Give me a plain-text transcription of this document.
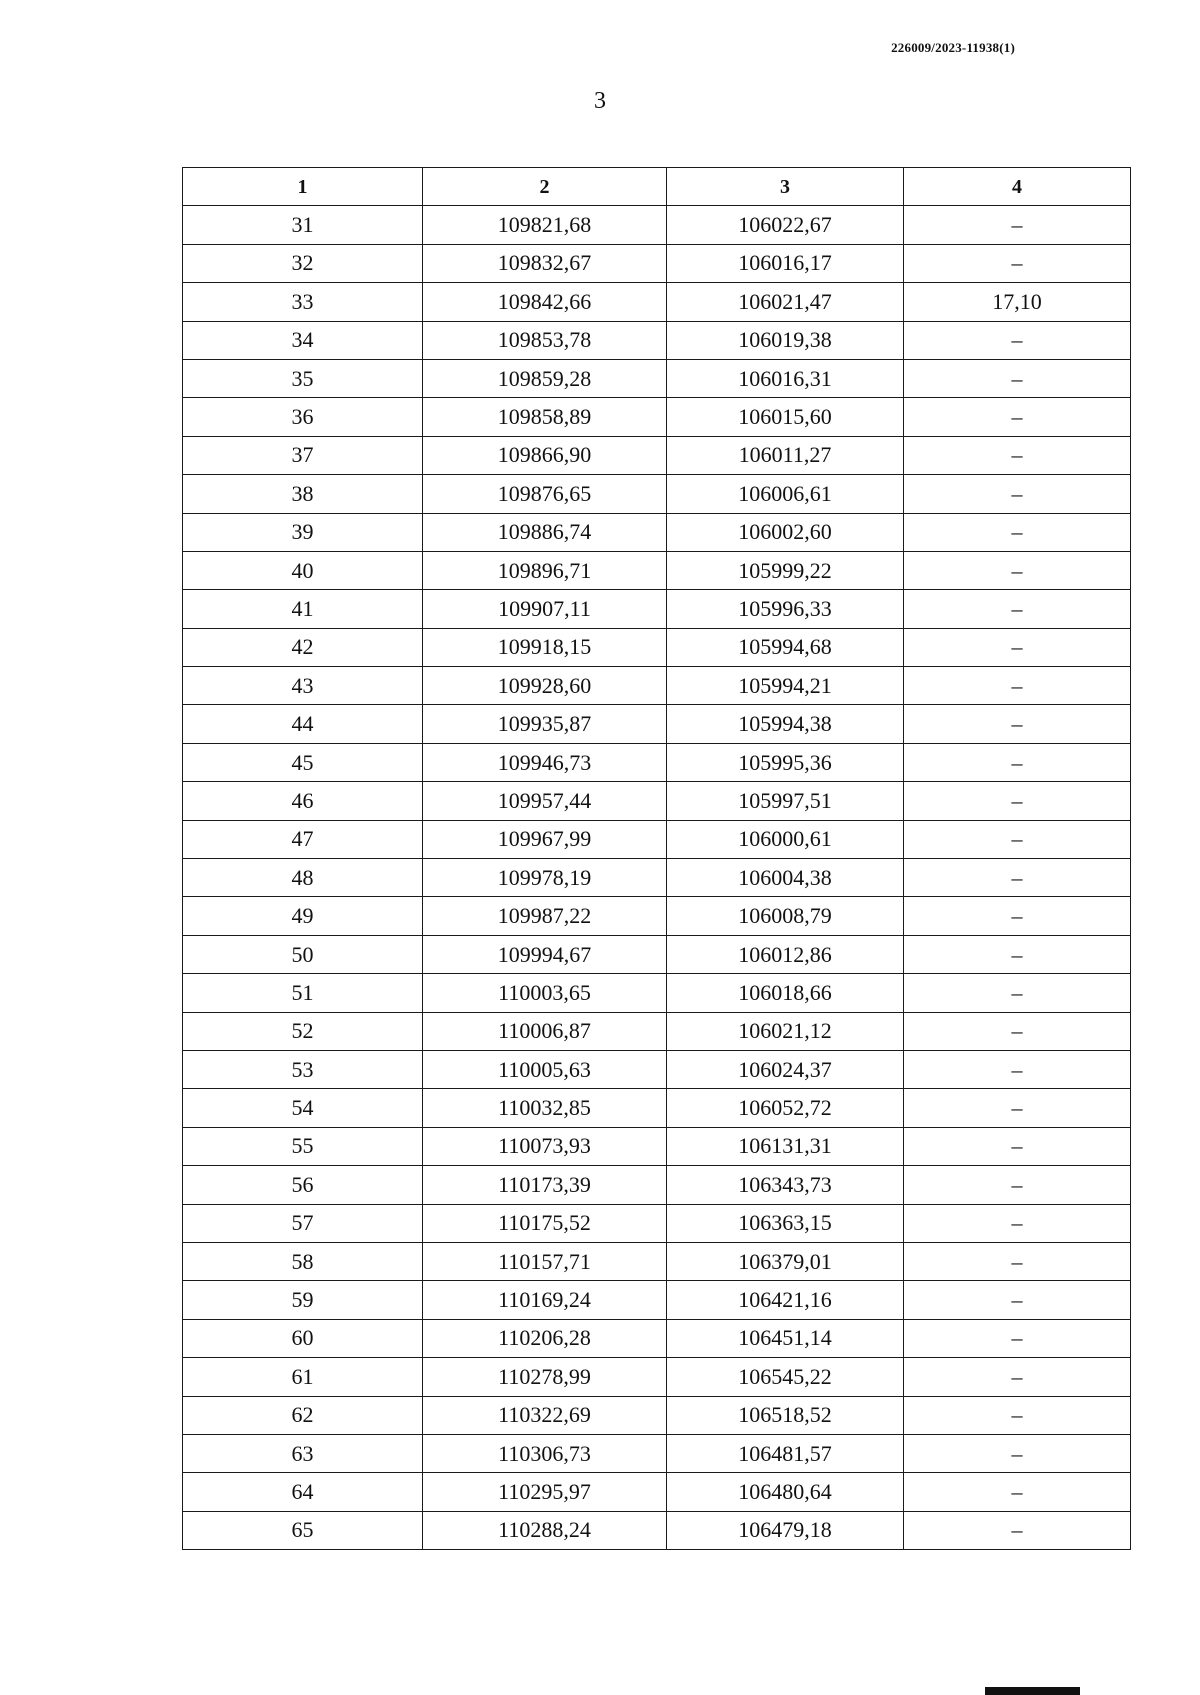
226009/2023-11938(1)
3
1	2	3	4
31	109821,68	106022,67	–
32	109832,67	106016,17	–
33	109842,66	106021,47	17,10
34	109853,78	106019,38	–
35	109859,28	106016,31	–
36	109858,89	106015,60	–
37	109866,90	106011,27	–
38	109876,65	106006,61	–
39	109886,74	106002,60	–
40	109896,71	105999,22	–
41	109907,11	105996,33	–
42	109918,15	105994,68	–
43	109928,60	105994,21	–
44	109935,87	105994,38	–
45	109946,73	105995,36	–
46	109957,44	105997,51	–
47	109967,99	106000,61	–
48	109978,19	106004,38	–
49	109987,22	106008,79	–
50	109994,67	106012,86	–
51	110003,65	106018,66	–
52	110006,87	106021,12	–
53	110005,63	106024,37	–
54	110032,85	106052,72	–
55	110073,93	106131,31	–
56	110173,39	106343,73	–
57	110175,52	106363,15	–
58	110157,71	106379,01	–
59	110169,24	106421,16	–
60	110206,28	106451,14	–
61	110278,99	106545,22	–
62	110322,69	106518,52	–
63	110306,73	106481,57	–
64	110295,97	106480,64	–
65	110288,24	106479,18	–
